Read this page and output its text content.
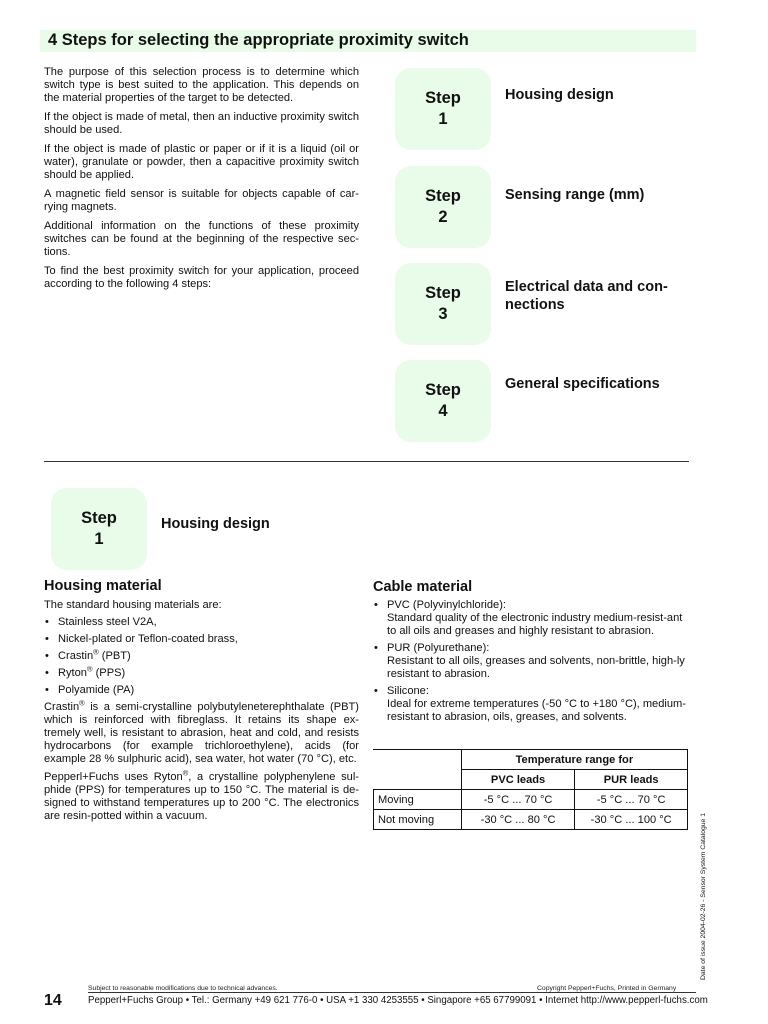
4 Steps for selecting the appropriate proximity switch

The purpose of this selection process is to determine which switch type is best suited to the application. This depends on the material properties of the target to be detected.

If the object is made of metal, then an inductive proximity switch should be used.

If the object is made of plastic or paper or if it is a liquid (oil or water), granulate or powder, then a capacitive proximity switch should be applied.

A magnetic field sensor is suitable for objects capable of car-rying magnets.

Additional information on the functions of these proximity switches can be found at the beginning of the respective sec-tions.

To find the best proximity switch for your application, proceed according to the following 4 steps:

Step
1
Housing design
Step
2
Sensing range (mm)
Step
3
Electrical data and con-nections
Step
4
General specifications
Step
1
Housing design
Housing material

The standard housing materials are:

• Stainless steel V2A,
• Nickel-plated or Teflon-coated brass,
• Crastin® (PBT)
• Ryton® (PPS)
• Polyamide (PA)

Crastin® is a semi-crystalline polybutyleneterephthalate (PBT) which is reinforced with fibreglass. It retains its shape ex-tremely well, is resistant to abrasion, heat and cold, and resists hydrocarbons (for example trichloroethylene), acids (for example 28 % sulphuric acid), sea water, hot water (70 °C), etc.

Pepperl+Fuchs uses Ryton®, a crystalline polyphenylene sul-phide (PPS) for temperatures up to 150 °C. The material is de-signed to withstand temperatures up to 200 °C. The electronics are resin-potted within a vacuum.

Cable material
• PVC (Polyvinylchloride):
Standard quality of the electronic industry medium-resist-ant to all oils and greases and highly resistant to abrasion.
• PUR (Polyurethane):
Resistant to all oils, greases and solvents, non-brittle, high-ly resistant to abrasion.
• Silicone:
Ideal for extreme temperatures (-50 °C to +180 °C), medium-resistant to abrasion, oils, greases, and solvents.
	Temperature range for	
	PVC leads	PUR leads
Moving	-5 °C ... 70 °C	-5 °C ... 70 °C
Not moving	-30 °C ... 80 °C	-30 °C ... 100 °C
Subject to reasonable modifications due to technical advances.	Copyright Pepperl+Fuchs, Printed in Germany
14	Pepperl+Fuchs Group • Tel.: Germany +49 621 776-0 • USA +1 330 4253555 • Singapore +65 67799091 • Internet http://www.pepperl-fuchs.com
Date of issue 2004-02-26 - Sensor System Catalogue 1
